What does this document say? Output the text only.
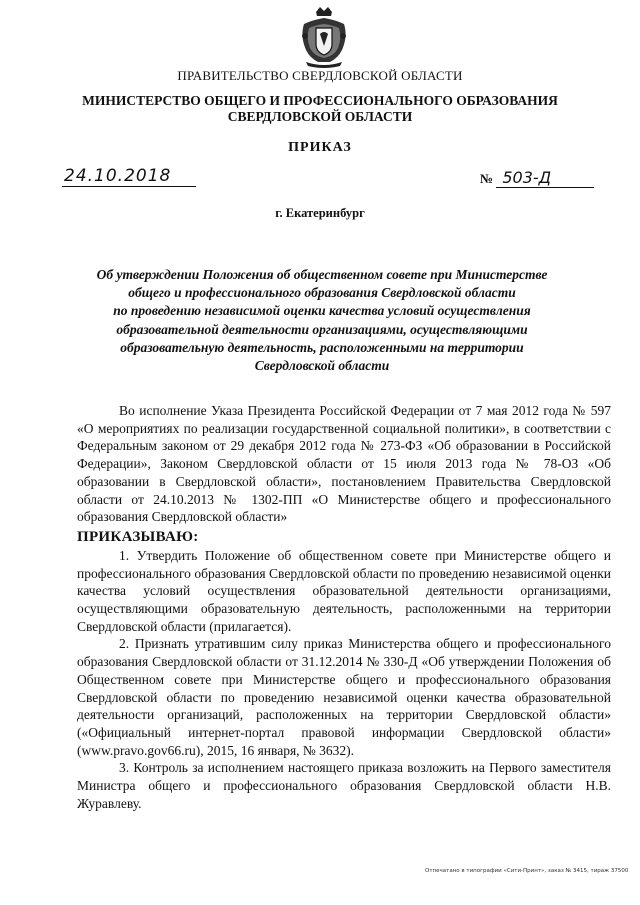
ПРАВИТЕЛЬСТВО СВЕРДЛОВСКОЙ ОБЛАСТИ
МИНИСТЕРСТВО ОБЩЕГО И ПРОФЕССИОНАЛЬНОГО ОБРАЗОВАНИЯ
СВЕРДЛОВСКОЙ ОБЛАСТИ
ПРИКАЗ
24.10.2018	№ 503-Д
г. Екатеринбург
Об утверждении Положения об общественном совете при Министерстве
общего и профессионального образования Свердловской области
по проведению независимой оценки качества условий осуществления
образовательной деятельности организациями, осуществляющими
образовательную деятельность, расположенными на территории
Свердловской области

Во исполнение Указа Президента Российской Федерации от 7 мая 2012 года № 597 «О мероприятиях по реализации государственной социальной политики», в соответствии с Федеральным законом от 29 декабря 2012 года № 273-ФЗ «Об образовании в Российской Федерации», Законом Свердловской области от 15 июля 2013 года № 78-ОЗ «Об образовании в Свердловской области», постановлением Правительства Свердловской области от 24.10.2013 № 1302-ПП «О Министерстве общего и профессионального образования Свердловской области»

ПРИКАЗЫВАЮ:

1. Утвердить Положение об общественном совете при Министерстве общего и профессионального образования Свердловской области по проведению независимой оценки качества условий осуществления образовательной деятельности организациями, осуществляющими образовательную деятельность, расположенными на территории Свердловской области (прилагается).

2. Признать утратившим силу приказ Министерства общего и профессионального образования Свердловской области от 31.12.2014 № 330-Д «Об утверждении Положения об Общественном совете при Министерстве общего и профессионального образования Свердловской области по проведению независимой оценки качества образовательной деятельности организаций, расположенных на территории Свердловской области» («Официальный интернет-портал правовой информации Свердловской области» (www.pravo.gov66.ru), 2015, 16 января, № 3632).

3. Контроль за исполнением настоящего приказа возложить на Первого заместителя Министра общего и профессионального образования Свердловской области Н.В. Журавлеву.

Отпечатано в типографии «Сити-Принт», заказ № 3415, тираж 37500
